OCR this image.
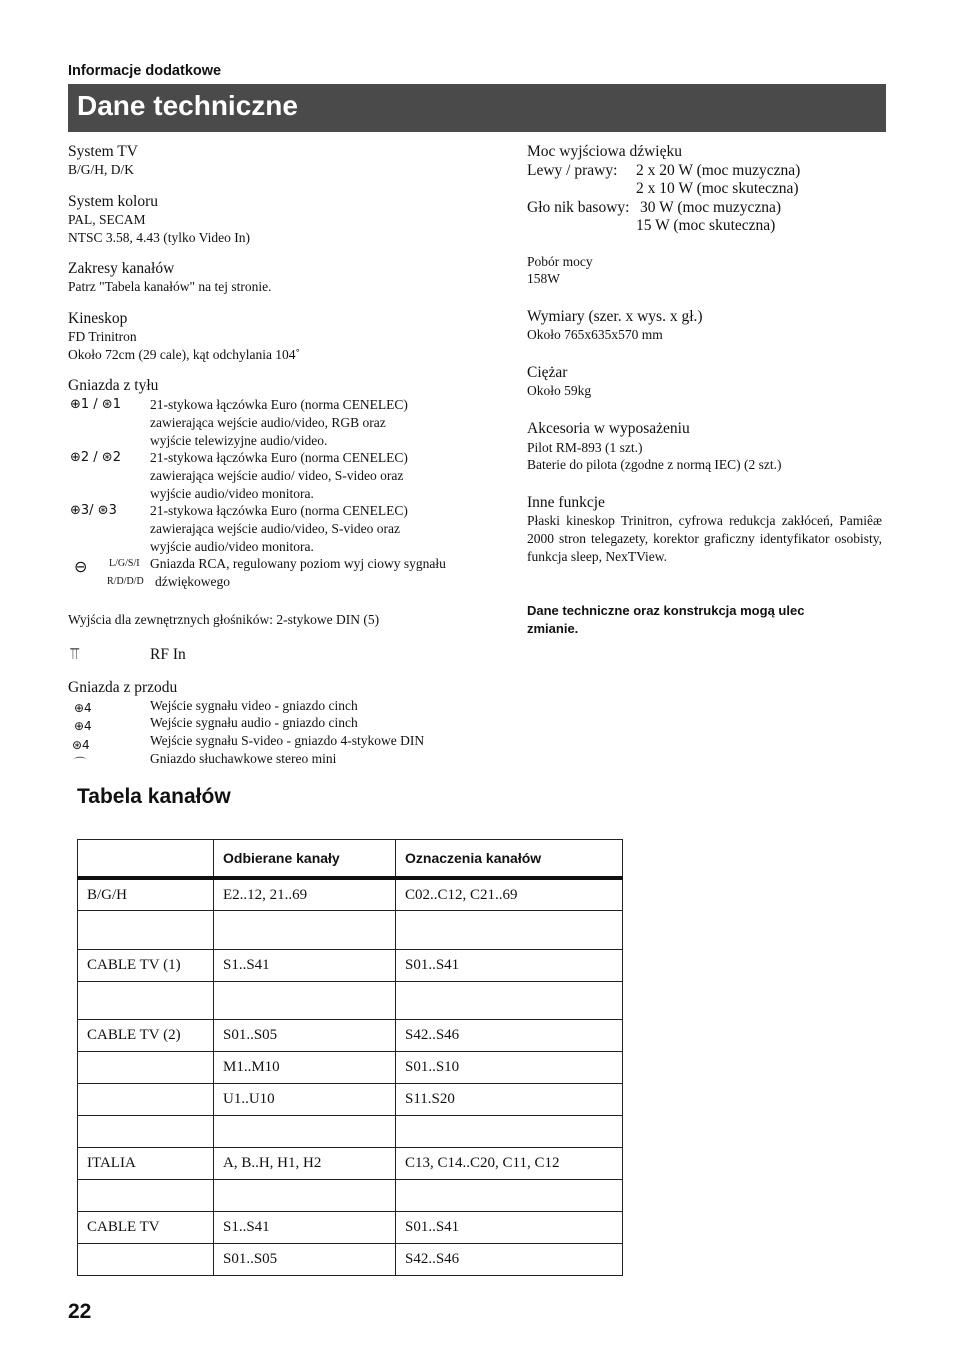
Informacje dodatkowe
Dane techniczne
System TV
B/G/H, D/K
System koloru
PAL, SECAM
NTSC 3.58, 4.43 (tylko Video In)
Zakresy kanałów
Patrz "Tabela kanałów" na tej stronie.
Kineskop
FD Trinitron
Około 72cm (29 cale), kąt odchylania 104˚
Gniazda z tyłu
⊕1 / ⊛1 21-stykowa łączówka Euro (norma CENELEC)
zawierająca wejście audio/video, RGB oraz
wyjście telewizyjne audio/video.
⊕2 / ⊛2 21-stykowa łączówka Euro (norma CENELEC)
zawierająca wejście audio/ video, S-video oraz
wyjście audio/video monitora.
⊕3/ ⊛3 21-stykowa łączówka Euro (norma CENELEC)
zawierająca wejście audio/video, S-video oraz
wyjście audio/video monitora.
⊖ L/G/S/I
R/D/D/D
Gniazda RCA, regulowany poziom wyj ciowy sygnału
dźwiękowego
Wyjścia dla zewnętrznych głośników: 2-stykowe DIN (5)
⫪	RF In
Gniazda z przodu
⊕4	Wejście sygnału video - gniazdo cinch
⊕4	Wejście sygnału audio - gniazdo cinch
⊛4	Wejście sygnału S-video - gniazdo 4-stykowe DIN
⌒	Gniazdo słuchawkowe stereo mini
Moc wyjściowa dźwięku
Lewy / prawy: 2 x 20 W (moc muzyczna)
2 x 10 W (moc skuteczna)
Gło nik basowy: 30 W (moc muzyczna)
15 W (moc skuteczna)
Pobór mocy
158W
Wymiary (szer. x wys. x gł.)
Około 765x635x570 mm
Ciężar
Około 59kg
Akcesoria w wyposażeniu
Pilot RM-893 (1 szt.)
Baterie do pilota (zgodne z normą IEC) (2 szt.)
Inne funkcje
Płaski kineskop Trinitron, cyfrowa redukcja zakłóceń, Pamiêæ 2000 stron telegazety, korektor graficzny identyfikator osobisty, funkcja sleep, NexTView.
Dane techniczne oraz konstrukcja mogą ulec zmianie.
Tabela kanałów
	Odbierane kanały	Oznaczenia kanałów
B/G/H	E2..12, 21..69	C02..C12, C21..69

CABLE TV (1)	S1..S41	S01..S41

CABLE TV (2)	S01..S05	S42..S46
	M1..M10	S01..S10
	U1..U10	S11.S20

ITALIA	A, B..H, H1, H2	C13, C14..C20, C11, C12

CABLE TV	S1..S41	S01..S41
	S01..S05	S42..S46
22
